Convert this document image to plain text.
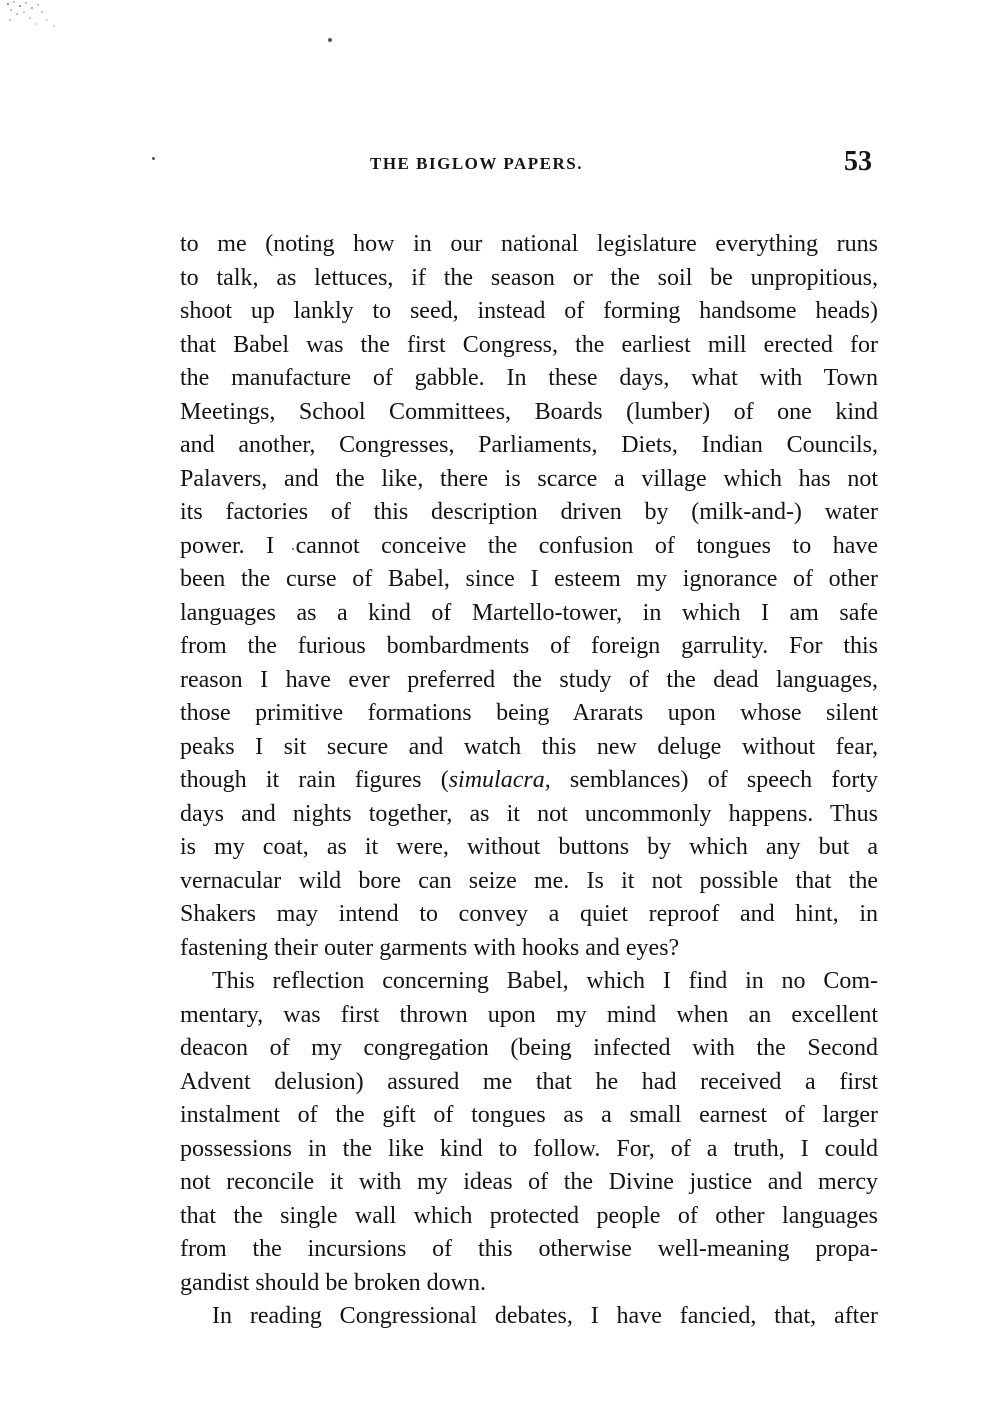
THE BIGLOW PAPERS.	53
to me (noting how in our national legislature everything runs
to talk, as lettuces, if the season or the soil be unpropitious,
shoot up lankly to seed, instead of forming handsome heads)
that Babel was the first Congress, the earliest mill erected for
the manufacture of gabble. In these days, what with Town
Meetings, School Committees, Boards (lumber) of one kind
and another, Congresses, Parliaments, Diets, Indian Councils,
Palavers, and the like, there is scarce a village which has not
its factories of this description driven by (milk-and-) water
power. I cannot conceive the confusion of tongues to have
been the curse of Babel, since I esteem my ignorance of other
languages as a kind of Martello-tower, in which I am safe
from the furious bombardments of foreign garrulity. For this
reason I have ever preferred the study of the dead languages,
those primitive formations being Ararats upon whose silent
peaks I sit secure and watch this new deluge without fear,
though it rain figures (simulacra, semblances) of speech forty
days and nights together, as it not uncommonly happens. Thus
is my coat, as it were, without buttons by which any but a
vernacular wild bore can seize me. Is it not possible that the
Shakers may intend to convey a quiet reproof and hint, in
fastening their outer garments with hooks and eyes?
This reflection concerning Babel, which I find in no Com-
mentary, was first thrown upon my mind when an excellent
deacon of my congregation (being infected with the Second
Advent delusion) assured me that he had received a first
instalment of the gift of tongues as a small earnest of larger
possessions in the like kind to follow. For, of a truth, I could
not reconcile it with my ideas of the Divine justice and mercy
that the single wall which protected people of other languages
from the incursions of this otherwise well-meaning propa-
gandist should be broken down.
In reading Congressional debates, I have fancied, that, after
